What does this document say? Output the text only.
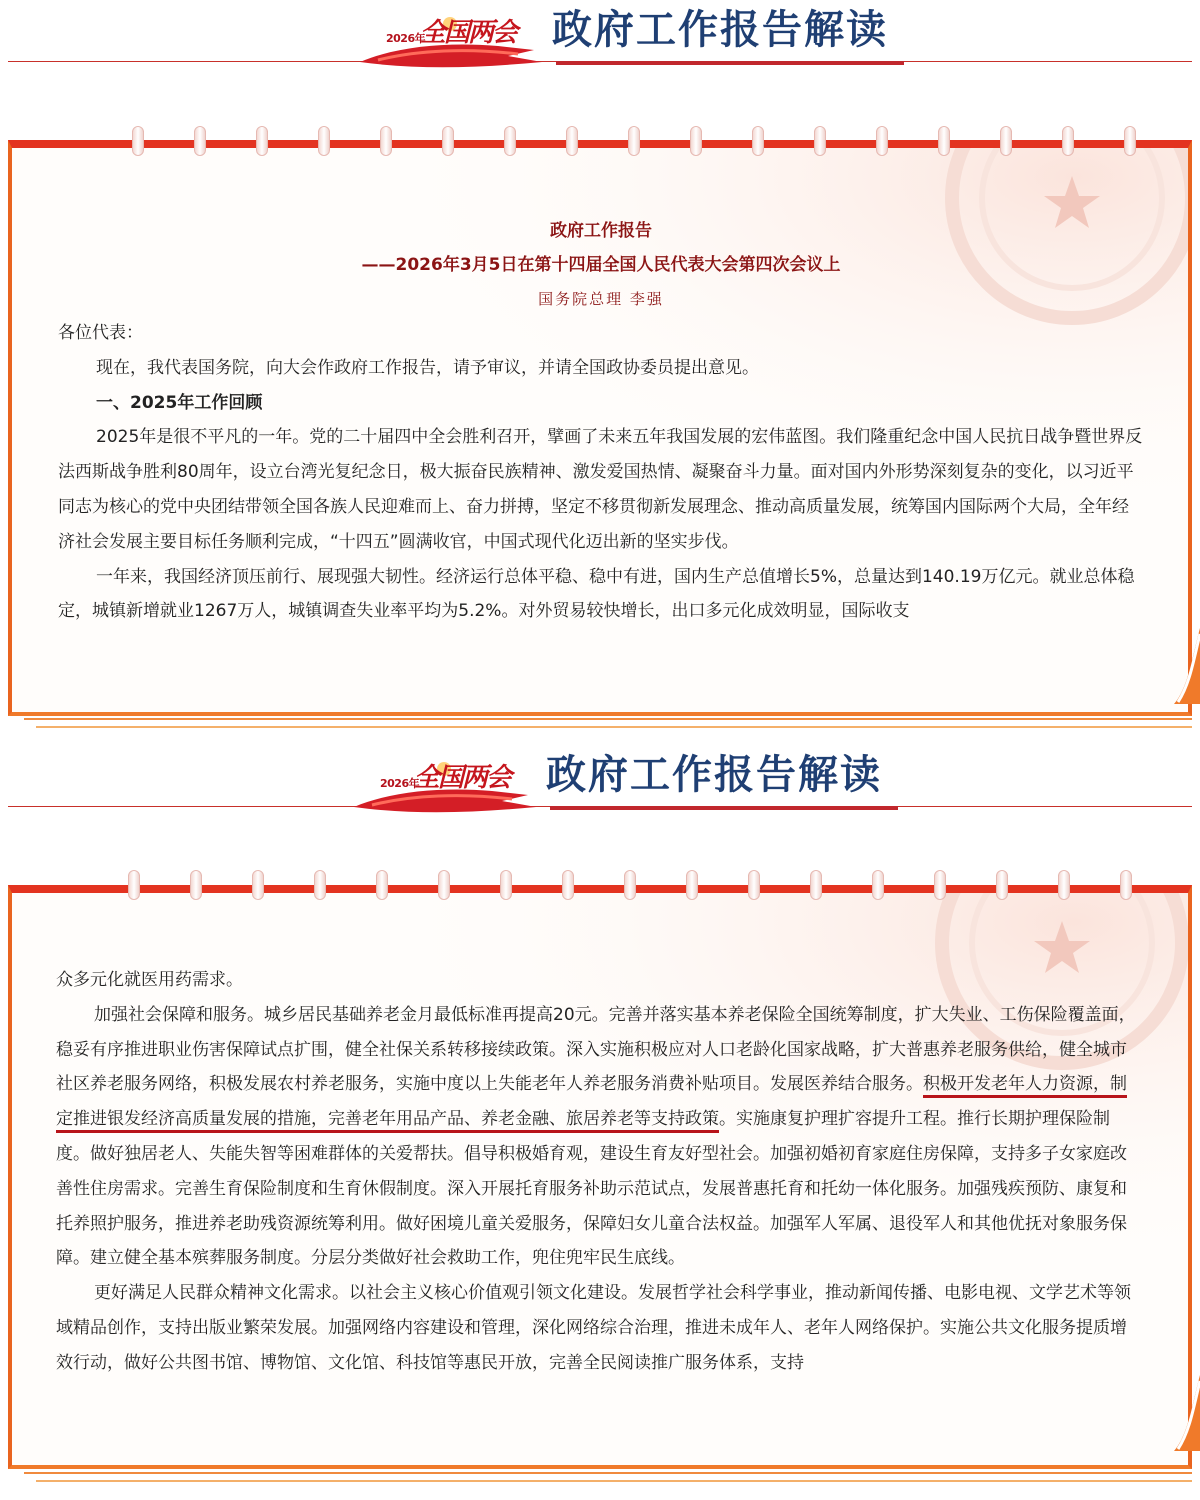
2026年
全国两会 政府工作报告解读

政府工作报告

——2026年3月5日在第十四届全国人民代表大会第四次会议上

国务院总理 李强

各位代表：

现在，我代表国务院，向大会作政府工作报告，请予审议，并请全国政协委员提出意见。

一、2025年工作回顾

2025年是很不平凡的一年。党的二十届四中全会胜利召开，擘画了未来五年我国发展的宏伟蓝图。我们隆重纪念中国人民抗日战争暨世界反法西斯战争胜利80周年，设立台湾光复纪念日，极大振奋民族精神、激发爱国热情、凝聚奋斗力量。面对国内外形势深刻复杂的变化，以习近平同志为核心的党中央团结带领全国各族人民迎难而上、奋力拼搏，坚定不移贯彻新发展理念、推动高质量发展，统筹国内国际两个大局，全年经济社会发展主要目标任务顺利完成，“十四五”圆满收官，中国式现代化迈出新的坚实步伐。

一年来，我国经济顶压前行、展现强大韧性。经济运行总体平稳、稳中有进，国内生产总值增长5%，总量达到140.19万亿元。就业总体稳定，城镇新增就业1267万人，城镇调查失业率平均为5.2%。对外贸易较快增长，出口多元化成效明显，国际收支

2026年
全国两会 政府工作报告解读

众多元化就医用药需求。

加强社会保障和服务。城乡居民基础养老金月最低标准再提高20元。完善并落实基本养老保险全国统筹制度，扩大失业、工伤保险覆盖面，稳妥有序推进职业伤害保障试点扩围，健全社保关系转移接续政策。深入实施积极应对人口老龄化国家战略，扩大普惠养老服务供给，健全城市社区养老服务网络，积极发展农村养老服务，实施中度以上失能老年人养老服务消费补贴项目。发展医养结合服务。积极开发老年人力资源，制定推进银发经济高质量发展的措施，完善老年用品产品、养老金融、旅居养老等支持政策。实施康复护理扩容提升工程。推行长期护理保险制度。做好独居老人、失能失智等困难群体的关爱帮扶。倡导积极婚育观，建设生育友好型社会。加强初婚初育家庭住房保障，支持多子女家庭改善性住房需求。完善生育保险制度和生育休假制度。深入开展托育服务补助示范试点，发展普惠托育和托幼一体化服务。加强残疾预防、康复和托养照护服务，推进养老助残资源统筹利用。做好困境儿童关爱服务，保障妇女儿童合法权益。加强军人军属、退役军人和其他优抚对象服务保障。建立健全基本殡葬服务制度。分层分类做好社会救助工作，兜住兜牢民生底线。

更好满足人民群众精神文化需求。以社会主义核心价值观引领文化建设。发展哲学社会科学事业，推动新闻传播、电影电视、文学艺术等领域精品创作，支持出版业繁荣发展。加强网络内容建设和管理，深化网络综合治理，推进未成年人、老年人网络保护。实施公共文化服务提质增效行动，做好公共图书馆、博物馆、文化馆、科技馆等惠民开放，完善全民阅读推广服务体系，支持
